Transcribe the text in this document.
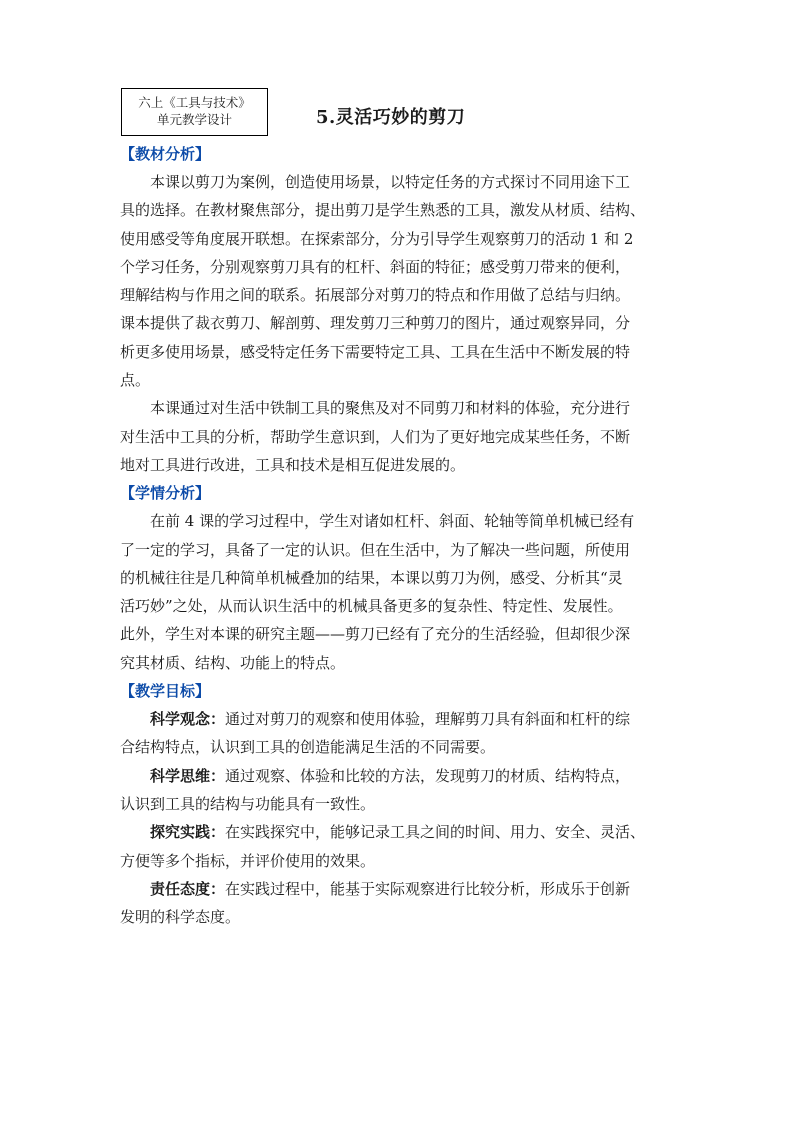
六上《工具与技术》
单元教学设计	5.灵活巧妙的剪刀
【教材分析】
本课以剪刀为案例，创造使用场景，以特定任务的方式探讨不同用途下工
具的选择。在教材聚焦部分，提出剪刀是学生熟悉的工具，激发从材质、结构、
使用感受等角度展开联想。在探索部分，分为引导学生观察剪刀的活动 1 和 2
个学习任务，分别观察剪刀具有的杠杆、斜面的特征；感受剪刀带来的便利，
理解结构与作用之间的联系。拓展部分对剪刀的特点和作用做了总结与归纳。
课本提供了裁衣剪刀、解剖剪、理发剪刀三种剪刀的图片，通过观察异同，分
析更多使用场景，感受特定任务下需要特定工具、工具在生活中不断发展的特
点。
本课通过对生活中铁制工具的聚焦及对不同剪刀和材料的体验，充分进行
对生活中工具的分析，帮助学生意识到，人们为了更好地完成某些任务，不断
地对工具进行改进，工具和技术是相互促进发展的。
【学情分析】
在前 4 课的学习过程中，学生对诸如杠杆、斜面、轮轴等简单机械已经有
了一定的学习，具备了一定的认识。但在生活中，为了解决一些问题，所使用
的机械往往是几种简单机械叠加的结果，本课以剪刀为例，感受、分析其“灵
活巧妙”之处，从而认识生活中的机械具备更多的复杂性、特定性、发展性。
此外，学生对本课的研究主题——剪刀已经有了充分的生活经验，但却很少深
究其材质、结构、功能上的特点。
【教学目标】
科学观念：通过对剪刀的观察和使用体验，理解剪刀具有斜面和杠杆的综
合结构特点，认识到工具的创造能满足生活的不同需要。
科学思维：通过观察、体验和比较的方法，发现剪刀的材质、结构特点，
认识到工具的结构与功能具有一致性。
探究实践：在实践探究中，能够记录工具之间的时间、用力、安全、灵活、
方便等多个指标，并评价使用的效果。
责任态度：在实践过程中，能基于实际观察进行比较分析，形成乐于创新
发明的科学态度。
